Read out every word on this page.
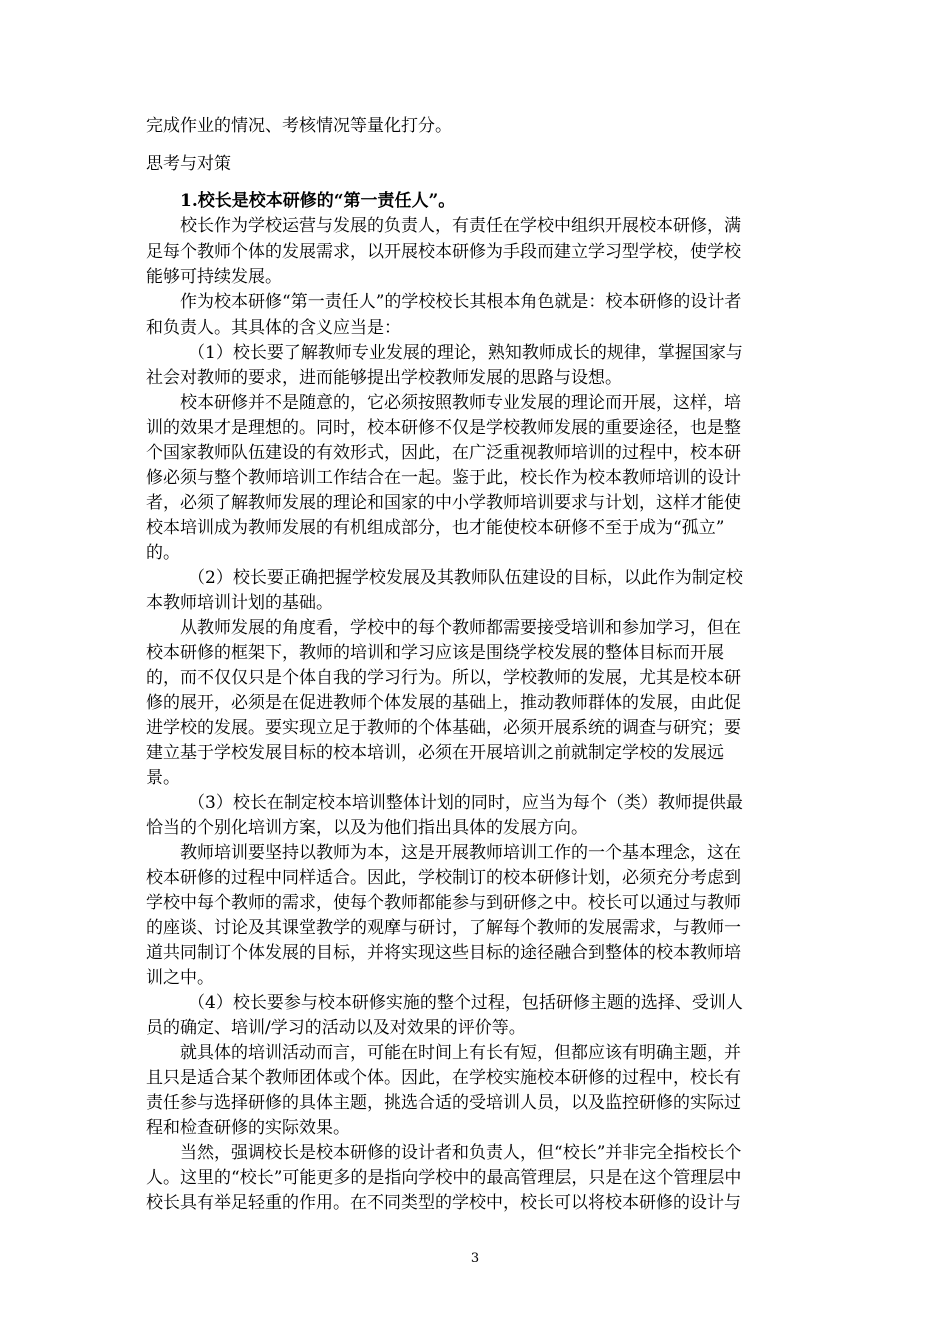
完成作业的情况、考核情况等量化打分。
思考与对策
1.校长是校本研修的“第一责任人”。
校长作为学校运营与发展的负责人，有责任在学校中组织开展校本研修，满
足每个教师个体的发展需求，以开展校本研修为手段而建立学习型学校，使学校
能够可持续发展。
作为校本研修“第一责任人”的学校校长其根本角色就是：校本研修的设计者
和负责人。其具体的含义应当是：
（1）校长要了解教师专业发展的理论，熟知教师成长的规律，掌握国家与
社会对教师的要求，进而能够提出学校教师发展的思路与设想。
校本研修并不是随意的，它必须按照教师专业发展的理论而开展，这样，培
训的效果才是理想的。同时，校本研修不仅是学校教师发展的重要途径，也是整
个国家教师队伍建设的有效形式，因此，在广泛重视教师培训的过程中，校本研
修必须与整个教师培训工作结合在一起。鉴于此，校长作为校本教师培训的设计
者，必须了解教师发展的理论和国家的中小学教师培训要求与计划，这样才能使
校本培训成为教师发展的有机组成部分，也才能使校本研修不至于成为“孤立”
的。
（2）校长要正确把握学校发展及其教师队伍建设的目标，以此作为制定校
本教师培训计划的基础。
从教师发展的角度看，学校中的每个教师都需要接受培训和参加学习，但在
校本研修的框架下，教师的培训和学习应该是围绕学校发展的整体目标而开展
的，而不仅仅只是个体自我的学习行为。所以，学校教师的发展，尤其是校本研
修的展开，必须是在促进教师个体发展的基础上，推动教师群体的发展，由此促
进学校的发展。要实现立足于教师的个体基础，必须开展系统的调查与研究；要
建立基于学校发展目标的校本培训，必须在开展培训之前就制定学校的发展远
景。
（3）校长在制定校本培训整体计划的同时，应当为每个（类）教师提供最
恰当的个别化培训方案，以及为他们指出具体的发展方向。
教师培训要坚持以教师为本，这是开展教师培训工作的一个基本理念，这在
校本研修的过程中同样适合。因此，学校制订的校本研修计划，必须充分考虑到
学校中每个教师的需求，使每个教师都能参与到研修之中。校长可以通过与教师
的座谈、讨论及其课堂教学的观摩与研讨，了解每个教师的发展需求，与教师一
道共同制订个体发展的目标，并将实现这些目标的途径融合到整体的校本教师培
训之中。
（4）校长要参与校本研修实施的整个过程，包括研修主题的选择、受训人
员的确定、培训/学习的活动以及对效果的评价等。
就具体的培训活动而言，可能在时间上有长有短，但都应该有明确主题，并
且只是适合某个教师团体或个体。因此，在学校实施校本研修的过程中，校长有
责任参与选择研修的具体主题，挑选合适的受培训人员，以及监控研修的实际过
程和检查研修的实际效果。
当然，强调校长是校本研修的设计者和负责人，但“校长”并非完全指校长个
人。这里的“校长”可能更多的是指向学校中的最高管理层，只是在这个管理层中
校长具有举足轻重的作用。在不同类型的学校中，校长可以将校本研修的设计与
3
